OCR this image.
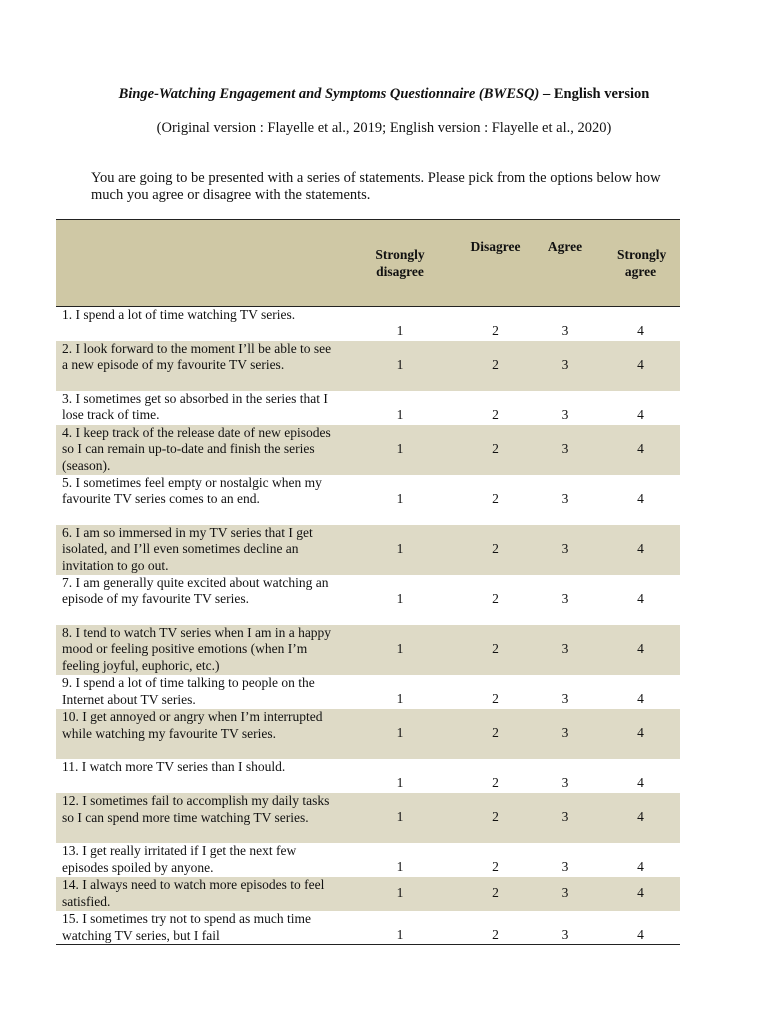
Binge-Watching Engagement and Symptoms Questionnaire (BWESQ) – English version
(Original version : Flayelle et al., 2019; English version : Flayelle et al., 2020)
You are going to be presented with a series of statements. Please pick from the options below how much you agree or disagree with the statements.
	Strongly disagree	Disagree	Agree	Strongly agree
1. I spend a lot of time watching TV series.	1	2	3	4
2. I look forward to the moment I’ll be able to see a new episode of my favourite TV series.	1	2	3	4
3. I sometimes get so absorbed in the series that I lose track of time.	1	2	3	4
4. I keep track of the release date of new episodes so I can remain up-to-date and finish the series (season).	1	2	3	4
5. I sometimes feel empty or nostalgic when my favourite TV series comes to an end.	1	2	3	4
6. I am so immersed in my TV series that I get isolated, and I’ll even sometimes decline an invitation to go out.	1	2	3	4
7. I am generally quite excited about watching an episode of my favourite TV series.	1	2	3	4
8. I tend to watch TV series when I am in a happy mood or feeling positive emotions (when I’m feeling joyful, euphoric, etc.)	1	2	3	4
9. I spend a lot of time talking to people on the Internet about TV series.	1	2	3	4
10. I get annoyed or angry when I’m interrupted while watching my favourite TV series.	1	2	3	4
11. I watch more TV series than I should.	1	2	3	4
12. I sometimes fail to accomplish my daily tasks so I can spend more time watching TV series.	1	2	3	4
13. I get really irritated if I get the next few episodes spoiled by anyone.	1	2	3	4
14. I always need to watch more episodes to feel satisfied.	1	2	3	4
15. I sometimes try not to spend as much time watching TV series, but I fail	1	2	3	4
